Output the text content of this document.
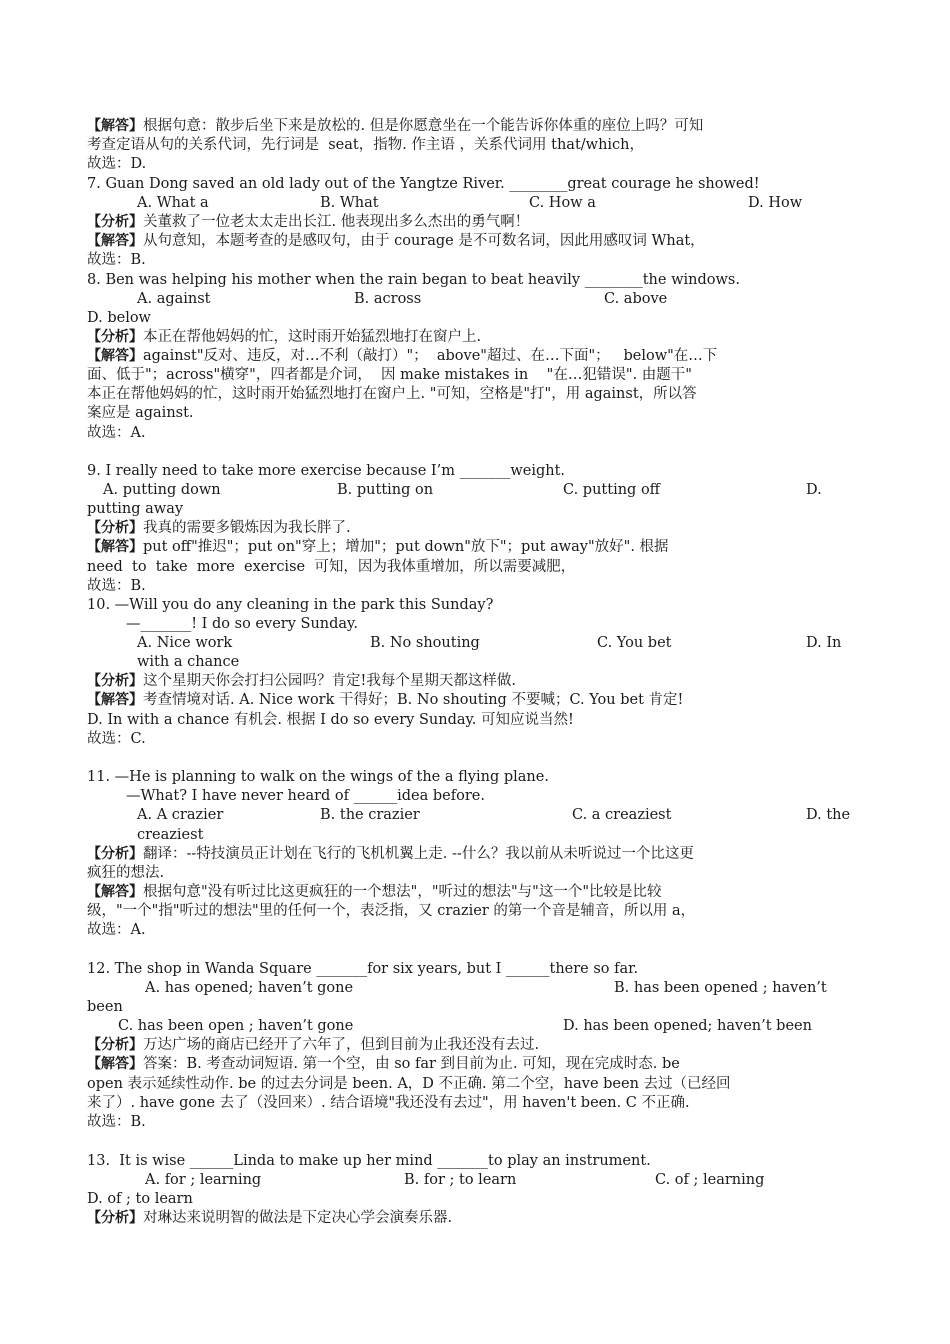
【解答】根据句意：散步后坐下来是放松的. 但是你愿意坐在一个能告诉你体重的座位上吗？可知
考查定语从句的关系代词，先行词是  seat，指物. 作主语 ，关系代词用 that/which，
故选：D.
7. Guan Dong saved an old lady out of the Yangtze River. ________great courage he showed!
A. What a	B. What	C. How a	D. How
【分析】关董救了一位老太太走出长江. 他表现出多么杰出的勇气啊！
【解答】从句意知，本题考查的是感叹句，由于 courage 是不可数名词，因此用感叹词 What，
故选：B.
8. Ben was helping his mother when the rain began to beat heavily ________the windows.
A. against	B. across	C. above
D. below
【分析】本正在帮他妈妈的忙，这时雨开始猛烈地打在窗户上.
【解答】against"反对、违反，对…不利（敲打）"；  above"超过、在…下面"；   below"在…下
面、低于"；across"横穿"，四者都是介词，  因 make mistakes in    "在…犯错误". 由题干"
本正在帮他妈妈的忙，这时雨开始猛烈地打在窗户上. "可知，空格是"打"，用 against，所以答
案应是 against.
故选：A.
9. I really need to take more exercise because I’m _______weight.
A. putting down	B. putting on	C. putting off	D.
putting away
【分析】我真的需要多锻炼因为我长胖了.
【解答】put off"推迟"；put on"穿上；增加"；put down"放下"；put away"放好". 根据
need  to  take  more  exercise  可知，因为我体重增加，所以需要减肥，
故选：B.
10. —Will you do any cleaning in the park this Sunday?
—_______! I do so every Sunday.
A. Nice work	B. No shouting	C. You bet	D. In
with a chance
【分析】这个星期天你会打扫公园吗？肯定!我每个星期天都这样做.
【解答】考查情境对话. A. Nice work 干得好；B. No shouting 不要喊；C. You bet 肯定!
D. In with a chance 有机会. 根据 I do so every Sunday. 可知应说当然!
故选：C.
11. —He is planning to walk on the wings of the a flying plane.
—What? I have never heard of ______idea before.
A. A crazier	B. the crazier	C. a creaziest	D. the
creaziest
【分析】翻译：--特技演员正计划在飞行的飞机机翼上走. --什么？我以前从未听说过一个比这更
疯狂的想法.
【解答】根据句意"没有听过比这更疯狂的一个想法"，"听过的想法"与"这一个"比较是比较
级，"一个"指"听过的想法"里的任何一个，表泛指，又 crazier 的第一个音是辅音，所以用 a，
故选：A.
12. The shop in Wanda Square _______for six years, but I ______there so far.
A. has opened; haven’t gone	B. has been opened ; haven’t
been
C. has been open ; haven’t gone	D. has been opened; haven’t been
【分析】万达广场的商店已经开了六年了，但到目前为止我还没有去过.
【解答】答案：B. 考查动词短语. 第一个空，由 so far 到目前为止. 可知，现在完成时态. be
open 表示延续性动作. be 的过去分词是 been. A，D 不正确. 第二个空，have been 去过（已经回
来了）. have gone 去了（没回来）. 结合语境"我还没有去过"，用 haven't been. C 不正确.
故选：B.
13.  It is wise ______Linda to make up her mind _______to play an instrument.
A. for ; learning	B. for ; to learn	C. of ; learning
D. of ; to learn
【分析】对琳达来说明智的做法是下定决心学会演奏乐器.
